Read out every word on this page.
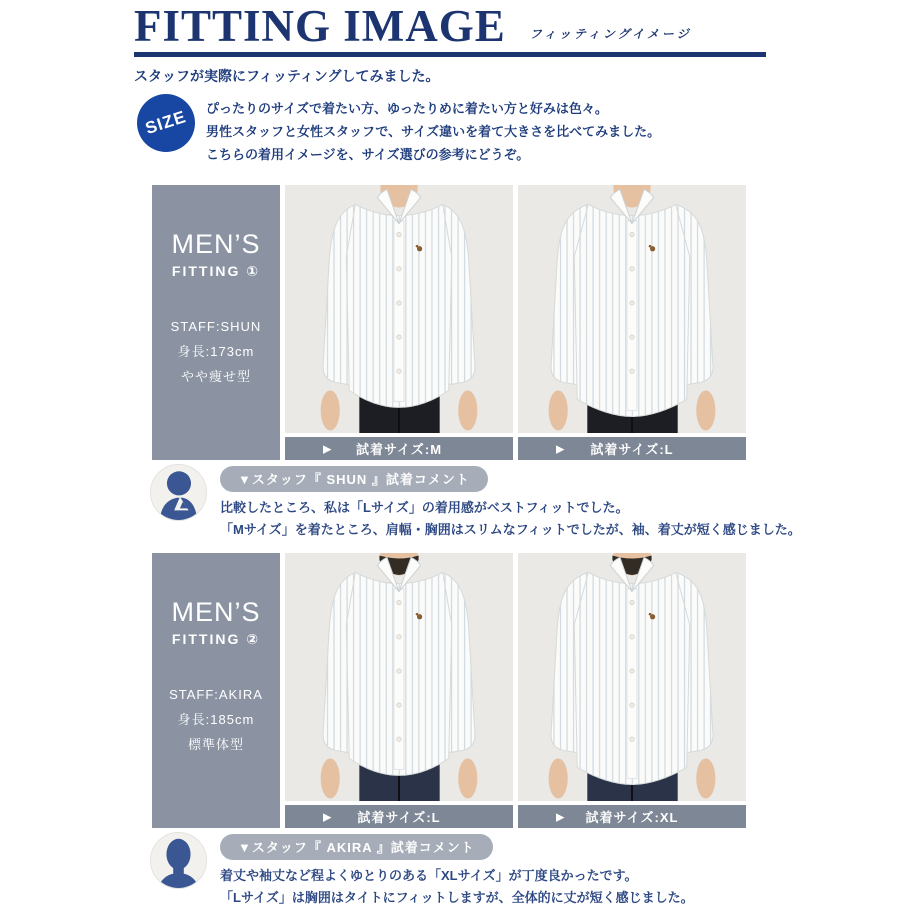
FITTING IMAGE フィッティングイメージ
スタッフが実際にフィッティングしてみました。
SIZE ぴったりのサイズで着たい方、ゆったりめに着たい方と好みは色々。
男性スタッフと女性スタッフで、サイズ違いを着て大きさを比べてみました。
こちらの着用イメージを、サイズ選びの参考にどうぞ。
MEN’S
FITTING ①
STAFF:SHUN
身長:173cm
やや痩せ型
▶ 試着サイズ:M	▶ 試着サイズ:L
▼スタッフ『 SHUN 』試着コメント
比較したところ、私は「Lサイズ」の着用感がベストフィットでした。
「Mサイズ」を着たところ、肩幅・胸囲はスリムなフィットでしたが、袖、着丈が短く感じました。
MEN’S
FITTING ②
STAFF:AKIRA
身長:185cm
標準体型
▶ 試着サイズ:L	▶ 試着サイズ:XL
▼スタッフ『 AKIRA 』試着コメント
着丈や袖丈など程よくゆとりのある「XLサイズ」が丁度良かったです。
「Lサイズ」は胸囲はタイトにフィットしますが、全体的に丈が短く感じました。
